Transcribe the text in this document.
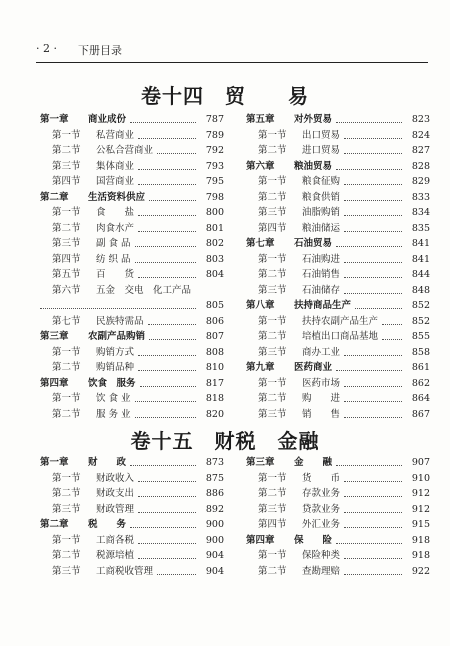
· 2 · 下册目录
卷十四　贸　　易
第一章 商业成份	787
第一节 私营商业	789
第二节 公私合营商业	792
第三节 集体商业	793
第四节 国营商业	795
第二章 生活资料供应	798
第一节 食　　盐	800
第二节 肉食水产	801
第三节 副 食 品	802
第四节 纺 织 品	803
第五节 百　　货	804
第六节 五金　交电　化工产品
805
第七节 民族特需品	806
第三章 农副产品购销	807
第一节 购销方式	808
第二节 购销品种	810
第四章 饮食　服务	817
第一节 饮 食 业	818
第二节 服 务 业	820
第五章 对外贸易	823
第一节 出口贸易	824
第二节 进口贸易	827
第六章 粮油贸易	828
第一节 粮食征购	829
第二节 粮食供销	833
第三节 油脂购销	834
第四节 粮油储运	835
第七章 石油贸易	841
第一节 石油购进	841
第二节 石油销售	844
第三节 石油储存	848
第八章 扶持商品生产	852
第一节 扶持农副产品生产	852
第二节 培植出口商品基地	855
第三节 商办工业	858
第九章 医药商业	861
第一节 医药市场	862
第二节 购　　进	864
第三节 销　　售	867
卷十五　财税　金融
第一章 财　　政	873
第一节 财政收入	875
第二节 财政支出	886
第三节 财政管理	892
第二章 税　　务	900
第一节 工商各税	900
第二节 税源培植	904
第三节 工商税收管理	904
第三章 金　　融	907
第一节 货　　币	910
第二节 存款业务	912
第三节 贷款业务	912
第四节 外汇业务	915
第四章 保　　险	918
第一节 保险种类	918
第二节 查勘理赔	922
